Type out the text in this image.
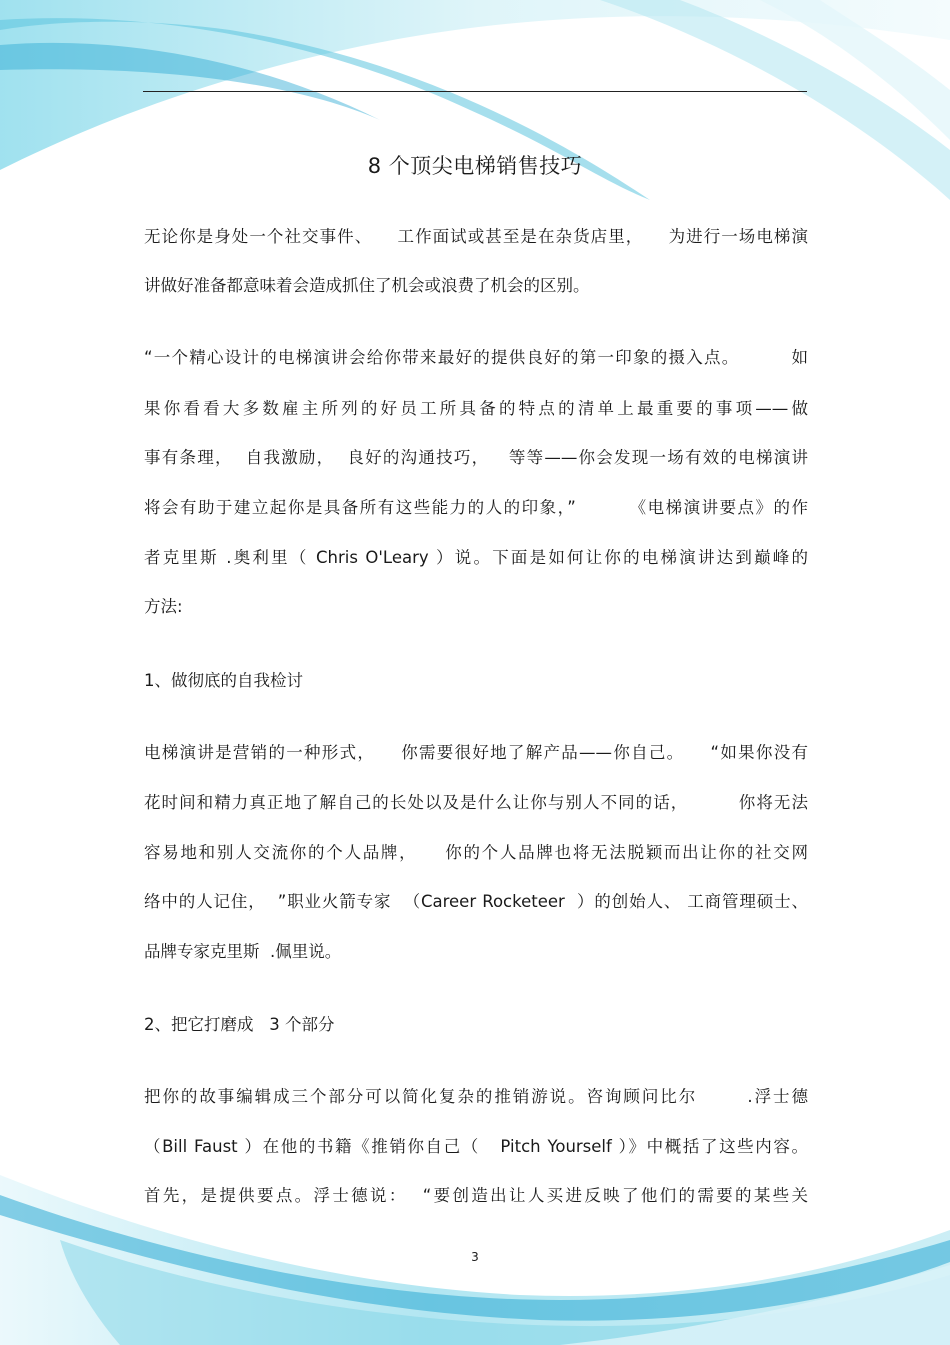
8 个顶尖电梯销售技巧
无论你是身处一个社交事件、    工作面试或甚至是在杂货店里，    为进行一场电梯演
讲做好准备都意味着会造成抓住了机会或浪费了机会的区别。
“一个精心设计的电梯演讲会给你带来最好的提供良好的第一印象的摄入点。        如
果你看看大多数雇主所列的好员工所具备的特点的清单上最重要的事项——做
事有条理，  自我激励，  良好的沟通技巧，   等等——你会发现一场有效的电梯演讲
将会有助于建立起你是具备所有这些能力的人的印象，”        《电梯演讲要点》的作
者克里斯 .奥利里（ Chris O'Leary ）说。下面是如何让你的电梯演讲达到巅峰的
方法:
1、做彻底的自我检讨
电梯演讲是营销的一种形式，    你需要很好地了解产品——你自己。    “如果你没有
花时间和精力真正地了解自己的长处以及是什么让你与别人不同的话，        你将无法
容易地和别人交流你的个人品牌，    你的个人品牌也将无法脱颖而出让你的社交网
络中的人记住，  ”职业火箭专家  （Career Rocketeer  ）的创始人、 工商管理硕士、
品牌专家克里斯  .佩里说。
2、把它打磨成   3 个部分
把你的故事编辑成三个部分可以简化复杂的推销游说。咨询顾问比尔       .浮士德
（Bill Faust ）在他的书籍《推销你自己（   Pitch Yourself ）》中概括了这些内容。
首先，是提供要点。浮士德说：  “要创造出让人买进反映了他们的需要的某些关
3
